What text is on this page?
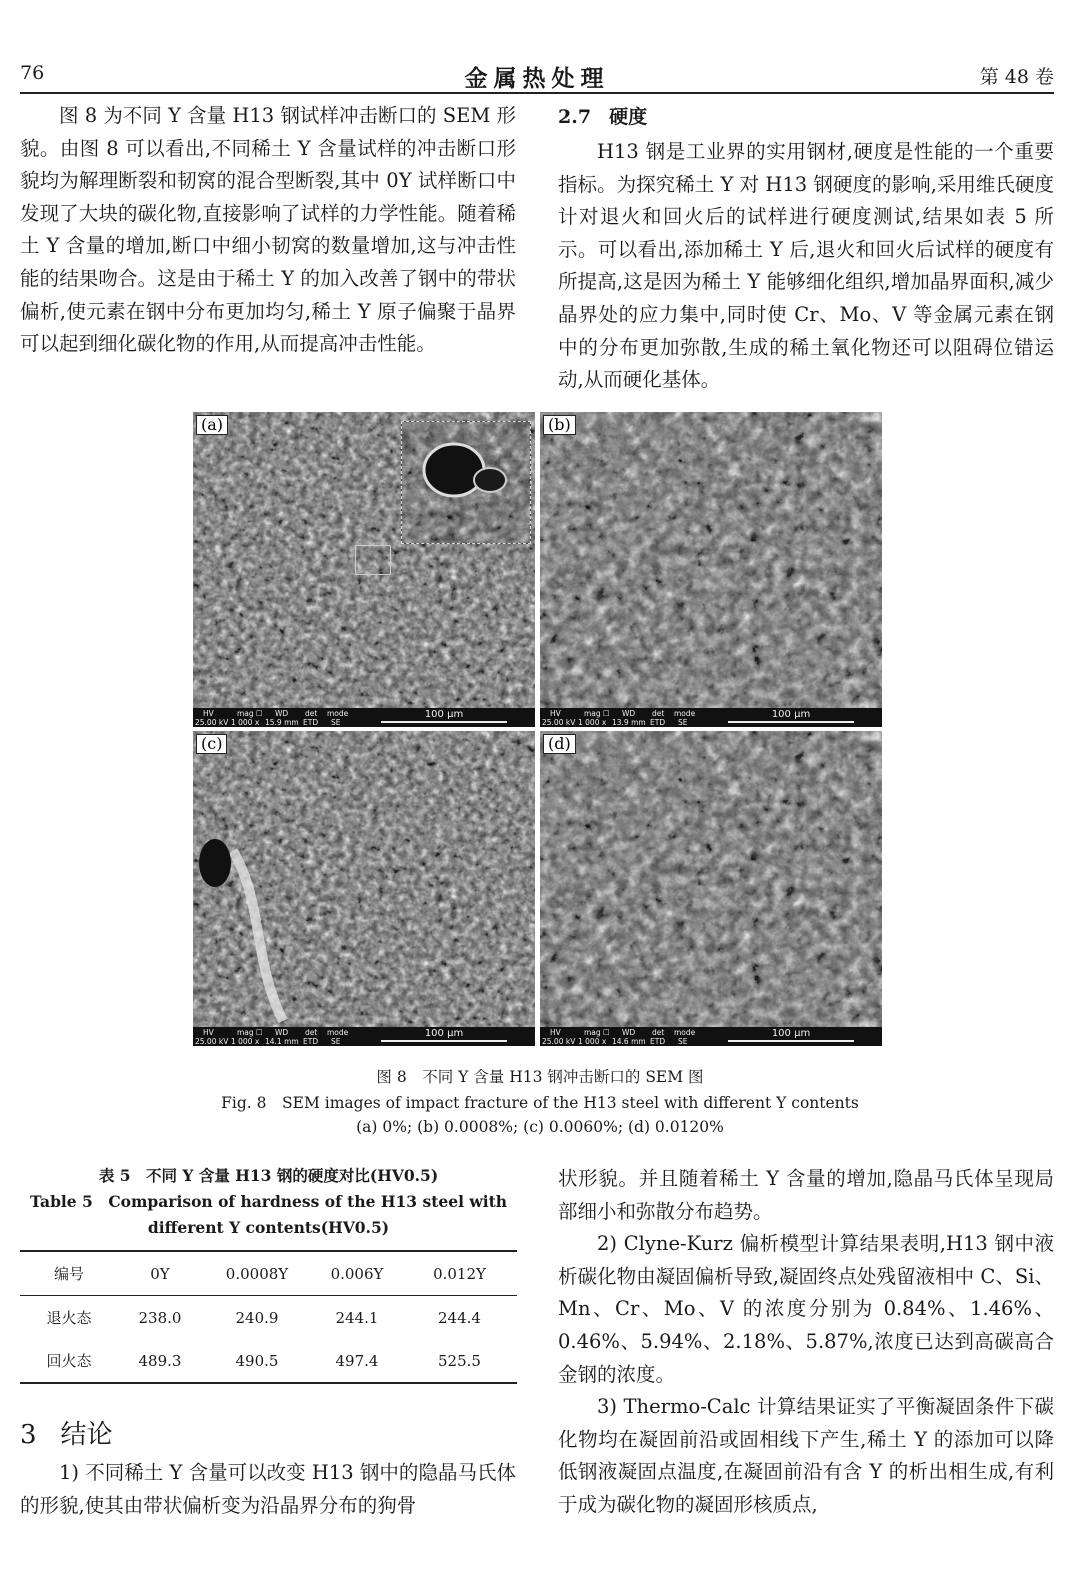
76	金属热处理	第 48 卷

图 8 为不同 Y 含量 H13 钢试样冲击断口的 SEM 形貌。由图 8 可以看出,不同稀土 Y 含量试样的冲击断口形貌均为解理断裂和韧窝的混合型断裂,其中 0Y 试样断口中发现了大块的碳化物,直接影响了试样的力学性能。随着稀土 Y 含量的增加,断口中细小韧窝的数量增加,这与冲击性能的结果吻合。这是由于稀土 Y 的加入改善了钢中的带状偏析,使元素在钢中分布更加均匀,稀土 Y 原子偏聚于晶界可以起到细化碳化物的作用,从而提高冲击性能。

2.7 硬度

H13 钢是工业界的实用钢材,硬度是性能的一个重要指标。为探究稀土 Y 对 H13 钢硬度的影响,采用维氏硬度计对退火和回火后的试样进行硬度测试,结果如表 5 所示。可以看出,添加稀土 Y 后,退火和回火后试样的硬度有所提高,这是因为稀土 Y 能够细化组织,增加晶界面积,减少晶界处的应力集中,同时使 Cr、Mo、V 等金属元素在钢中的分布更加弥散,生成的稀土氧化物还可以阻碍位错运动,从而硬化基体。

(a)
HV
25.00 kV
mag ☐
1 000 x
WD
15.9 mm
det
ETD
mode
SE
100 μm
(b)
HV
25.00 kV
mag ☐
1 000 x
WD
13.9 mm
det
ETD
mode
SE
100 μm
(c)
HV
25.00 kV
mag ☐
1 000 x
WD
14.1 mm
det
ETD
mode
SE
100 μm
(d)
HV
25.00 kV
mag ☐
1 000 x
WD
14.6 mm
det
ETD
mode
SE
100 μm
图 8　不同 Y 含量 H13 钢冲击断口的 SEM 图
Fig. 8　SEM images of impact fracture of the H13 steel with different Y contents
(a) 0%; (b) 0.0008%; (c) 0.0060%; (d) 0.0120%
表 5　不同 Y 含量 H13 钢的硬度对比(HV0.5)
Table 5　Comparison of hardness of the H13 steel with
different Y contents(HV0.5)
编号	0Y	0.0008Y	0.006Y	0.012Y
退火态	238.0	240.9	244.1	244.4
回火态	489.3	490.5	497.4	525.5
3 结论

1) 不同稀土 Y 含量可以改变 H13 钢中的隐晶马氏体的形貌,使其由带状偏析变为沿晶界分布的狗骨

状形貌。并且随着稀土 Y 含量的增加,隐晶马氏体呈现局部细小和弥散分布趋势。

2) Clyne-Kurz 偏析模型计算结果表明,H13 钢中液析碳化物由凝固偏析导致,凝固终点处残留液相中 C、Si、Mn、Cr、Mo、V 的浓度分别为 0.84%、1.46%、0.46%、5.94%、2.18%、5.87%,浓度已达到高碳高合金钢的浓度。

3) Thermo-Calc 计算结果证实了平衡凝固条件下碳化物均在凝固前沿或固相线下产生,稀土 Y 的添加可以降低钢液凝固点温度,在凝固前沿有含 Y 的析出相生成,有利于成为碳化物的凝固形核质点,
